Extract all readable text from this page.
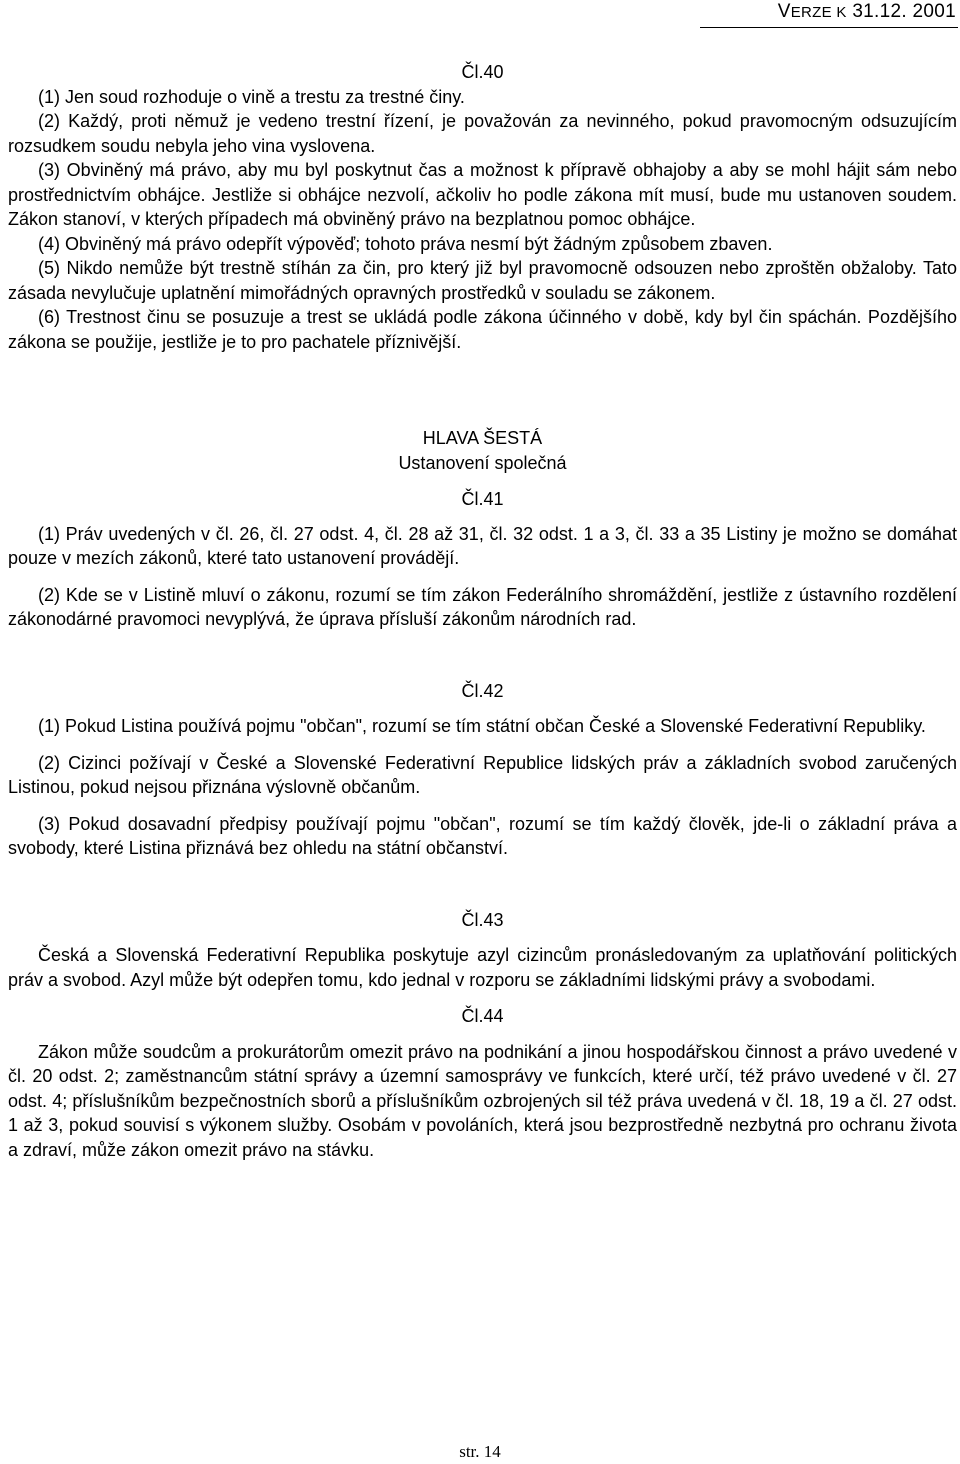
VERZE K 31.12. 2001

Čl.40

(1) Jen soud rozhoduje o vině a trestu za trestné činy.

(2) Každý, proti němuž je vedeno trestní řízení, je považován za nevinného, pokud pravomocným odsuzujícím rozsudkem soudu nebyla jeho vina vyslovena.

(3) Obviněný má právo, aby mu byl poskytnut čas a možnost k přípravě obhajoby a aby se mohl hájit sám nebo prostřednictvím obhájce. Jestliže si obhájce nezvolí, ačkoliv ho podle zákona mít musí, bude mu ustanoven soudem. Zákon stanoví, v kterých případech má obviněný právo na bezplatnou pomoc obhájce.

(4) Obviněný má právo odepřít výpověď; tohoto práva nesmí být žádným způsobem zbaven.

(5) Nikdo nemůže být trestně stíhán za čin, pro který již byl pravomocně odsouzen nebo zproštěn obžaloby. Tato zásada nevylučuje uplatnění mimořádných opravných prostředků v souladu se zákonem.

(6) Trestnost činu se posuzuje a trest se ukládá podle zákona účinného v době, kdy byl čin spáchán. Pozdějšího zákona se použije, jestliže je to pro pachatele příznivější.

HLAVA ŠESTÁ

Ustanovení společná

Čl.41

(1) Práv uvedených v čl. 26, čl. 27 odst. 4, čl. 28 až 31, čl. 32 odst. 1 a 3, čl. 33 a 35 Listiny je možno se domáhat pouze v mezích zákonů, které tato ustanovení provádějí.

(2) Kde se v Listině mluví o zákonu, rozumí se tím zákon Federálního shromáždění, jestliže z ústavního rozdělení zákonodárné pravomoci nevyplývá, že úprava přísluší zákonům národních rad.

Čl.42

(1) Pokud Listina používá pojmu "občan", rozumí se tím státní občan České a Slovenské Federativní Republiky.

(2) Cizinci požívají v České a Slovenské Federativní Republice lidských práv a základních svobod zaručených Listinou, pokud nejsou přiznána výslovně občanům.

(3) Pokud dosavadní předpisy používají pojmu "občan", rozumí se tím každý člověk, jde-li o základní práva a svobody, které Listina přiznává bez ohledu na státní občanství.

Čl.43

Česká a Slovenská Federativní Republika poskytuje azyl cizincům pronásledovaným za uplatňování politických práv a svobod. Azyl může být odepřen tomu, kdo jednal v rozporu se základními lidskými právy a svobodami.

Čl.44

Zákon může soudcům a prokurátorům omezit právo na podnikání a jinou hospodářskou činnost a právo uvedené v čl. 20 odst. 2; zaměstnancům státní správy a územní samosprávy ve funkcích, které určí, též právo uvedené v čl. 27 odst. 4; příslušníkům bezpečnostních sborů a příslušníkům ozbrojených sil též práva uvedená v čl. 18, 19 a čl. 27 odst. 1 až 3, pokud souvisí s výkonem služby. Osobám v povoláních, která jsou bezprostředně nezbytná pro ochranu života a zdraví, může zákon omezit právo na stávku.

str. 14
